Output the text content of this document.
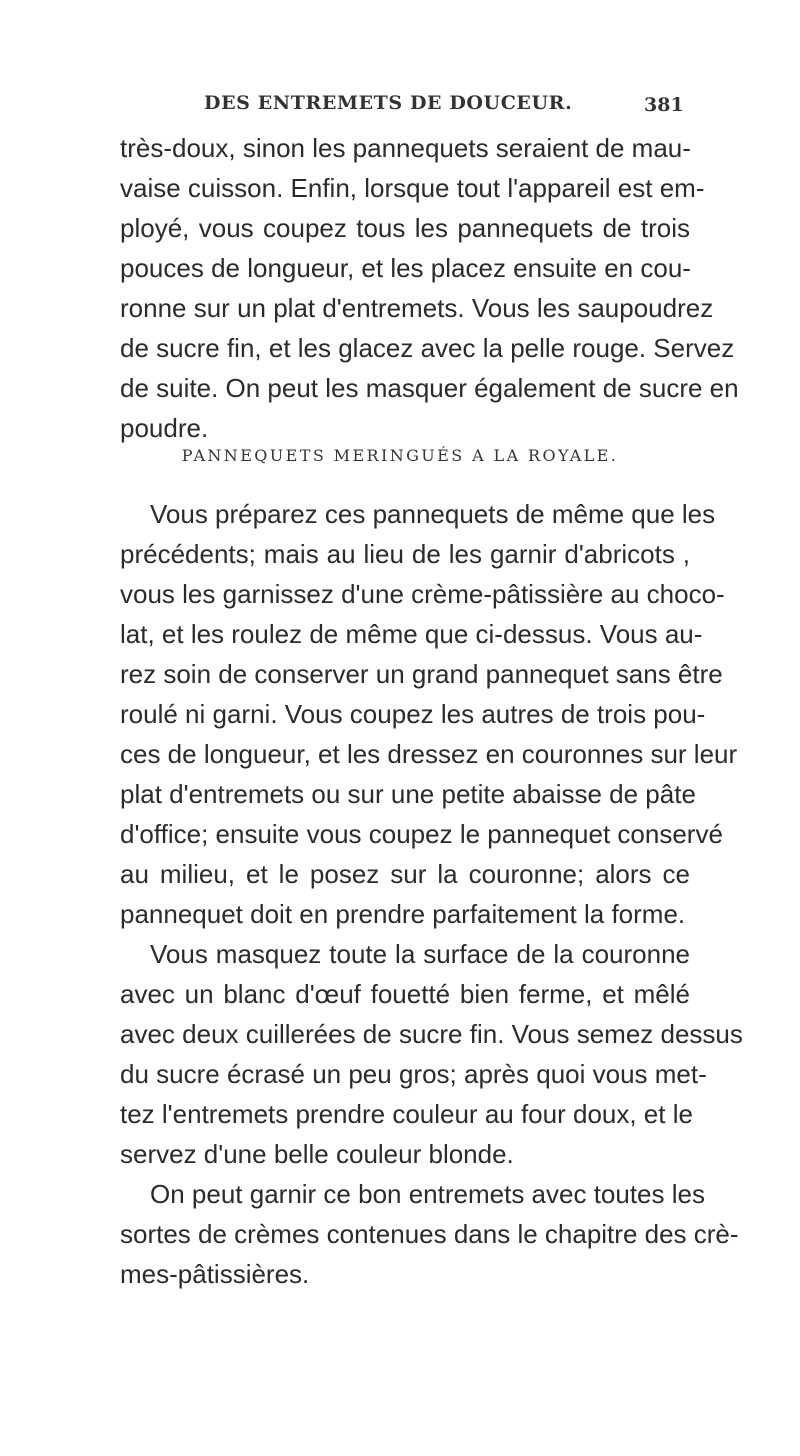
DES ENTREMETS DE DOUCEUR.	381
très-doux, sinon les pannequets seraient de mau-
vaise cuisson. Enfin, lorsque tout l'appareil est em-
ployé, vous coupez tous les pannequets de trois
pouces de longueur, et les placez ensuite en cou-
ronne sur un plat d'entremets. Vous les saupoudrez
de sucre fin, et les glacez avec la pelle rouge. Servez
de suite. On peut les masquer également de sucre en
poudre.
PANNEQUETS MERINGUÉS A LA ROYALE.
Vous préparez ces pannequets de même que les
précédents; mais au lieu de les garnir d'abricots ,
vous les garnissez d'une crème-pâtissière au choco-
lat, et les roulez de même que ci-dessus. Vous au-
rez soin de conserver un grand pannequet sans être
roulé ni garni. Vous coupez les autres de trois pou-
ces de longueur, et les dressez en couronnes sur leur
plat d'entremets ou sur une petite abaisse de pâte
d'office; ensuite vous coupez le pannequet conservé
au milieu, et le posez sur la couronne; alors ce
pannequet doit en prendre parfaitement la forme.
Vous masquez toute la surface de la couronne
avec un blanc d'œuf fouetté bien ferme, et mêlé
avec deux cuillerées de sucre fin. Vous semez dessus
du sucre écrasé un peu gros; après quoi vous met-
tez l'entremets prendre couleur au four doux, et le
servez d'une belle couleur blonde.
On peut garnir ce bon entremets avec toutes les
sortes de crèmes contenues dans le chapitre des crè-
mes-pâtissières.
